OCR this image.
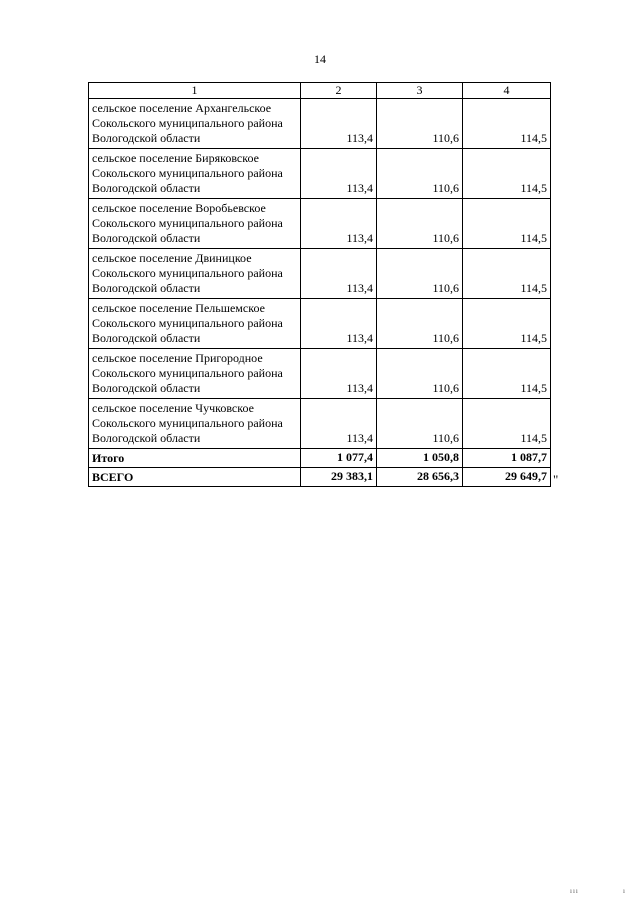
14
1	2	3	4
сельское поселение Архангельское Сокольского муниципального района Вологодской области	113,4	110,6	114,5
сельское поселение Биряковское Сокольского муниципального района Вологодской области	113,4	110,6	114,5
сельское поселение Воробьевское Сокольского муниципального района Вологодской области	113,4	110,6	114,5
сельское поселение Двиницкое Сокольского муниципального района Вологодской области	113,4	110,6	114,5
сельское поселение Пельшемское Сокольского муниципального района Вологодской области	113,4	110,6	114,5
сельское поселение Пригородное Сокольского муниципального района Вологодской области	113,4	110,6	114,5
сельское поселение Чучковское Сокольского муниципального района Вологодской области	113,4	110,6	114,5
Итого	1 077,4	1 050,8	1 087,7
ВСЕГО	29 383,1	28 656,3	29 649,7 "
ııı	ı
